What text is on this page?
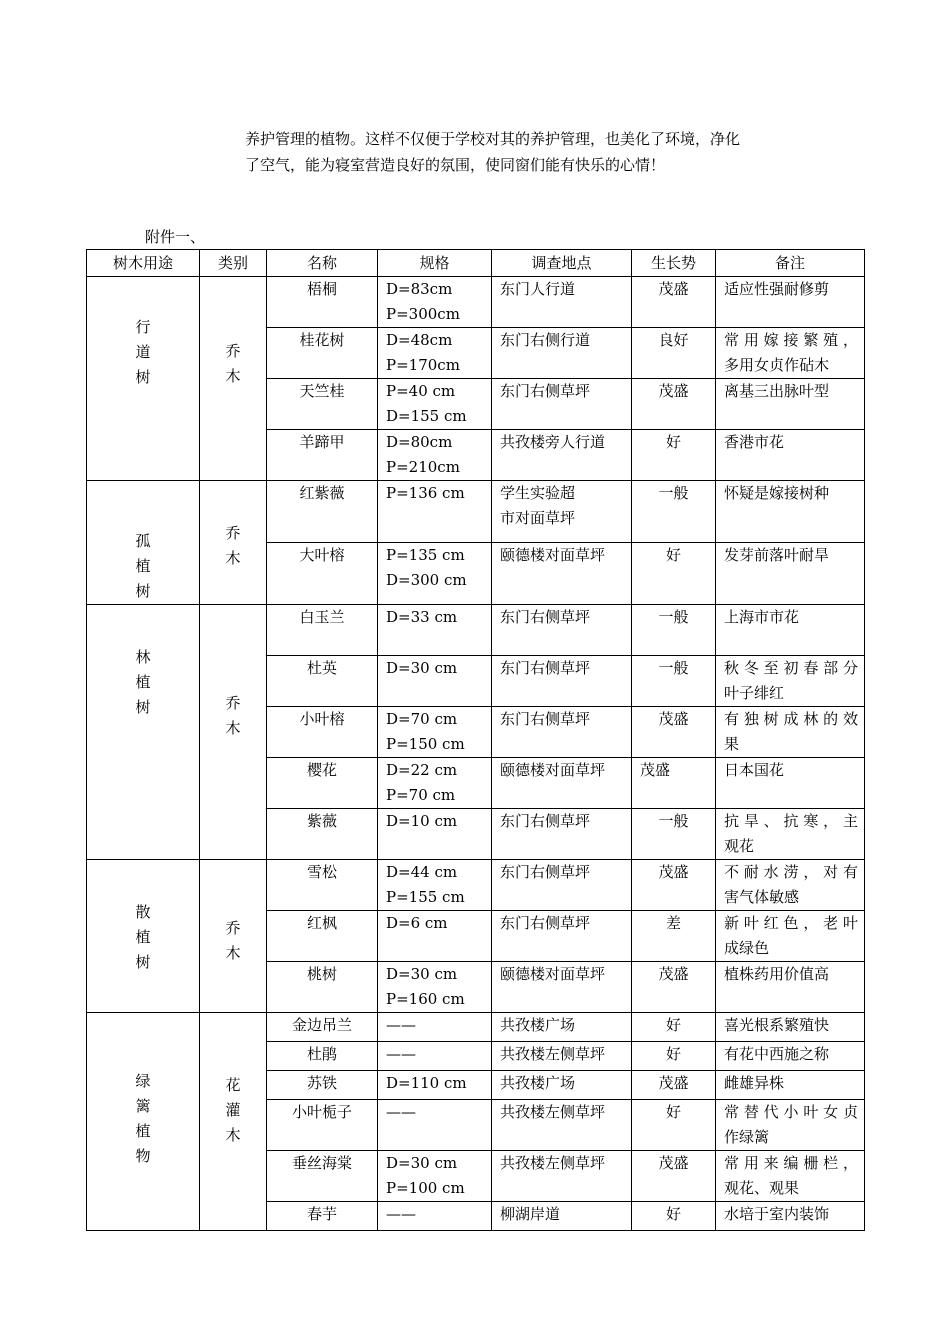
养护管理的植物。这样不仅便于学校对其的养护管理，也美化了环境，净化

了空气，能为寝室营造良好的氛围，使同窗们能有快乐的心情！

附件一、
树木用途	类别	名称	规格	调查地点	生长势	备注
行道树	乔木	梧桐	D=83cm
P=300cm	东门人行道	茂盛	适应性强耐修剪

		桂花树	D=48cm
P=170cm	东门右侧行道	良好	常用嫁接繁殖，
多用女贞作砧木

		天竺桂	P=40 cm
D=155 cm	东门右侧草坪	茂盛	离基三出脉叶型

		羊蹄甲	D=80cm
P=210cm	共孜楼旁人行道	好	香港市花

孤植树	乔木	红紫薇	P=136 cm	学生实验超
市对面草坪	一般	怀疑是嫁接树种

		大叶榕	P=135 cm
D=300 cm	颐德楼对面草坪	好	发芽前落叶耐旱

林植树	乔木	白玉兰	D=33 cm	东门右侧草坪	一般	上海市市花

		杜英	D=30 cm	东门右侧草坪	一般	秋冬至初春部分
叶子绯红

		小叶榕	D=70 cm
P=150 cm	东门右侧草坪	茂盛	有独树成林的效
果

		樱花	D=22 cm
P=70 cm	颐德楼对面草坪	茂盛	日本国花

		紫薇	D=10 cm	东门右侧草坪	一般	抗旱、抗寒，主
观花

散植树	乔木	雪松	D=44 cm
P=155 cm	东门右侧草坪	茂盛	不耐水涝，对有
害气体敏感

		红枫	D=6 cm	东门右侧草坪	差	新叶红色，老叶
成绿色

		桃树	D=30 cm
P=160 cm	颐德楼对面草坪	茂盛	植株药用价值高

绿篱植物	花灌木	金边吊兰	——	共孜楼广场	好	喜光根系繁殖快

		杜鹃	——	共孜楼左侧草坪	好	有花中西施之称

		苏铁	D=110 cm	共孜楼广场	茂盛	雌雄异株

		小叶栀子	——	共孜楼左侧草坪	好	常替代小叶女贞
作绿篱

		垂丝海棠	D=30 cm
P=100 cm	共孜楼左侧草坪	茂盛	常用来编栅栏，
观花、观果

		春芋	——	柳湖岸道	好	水培于室内装饰
